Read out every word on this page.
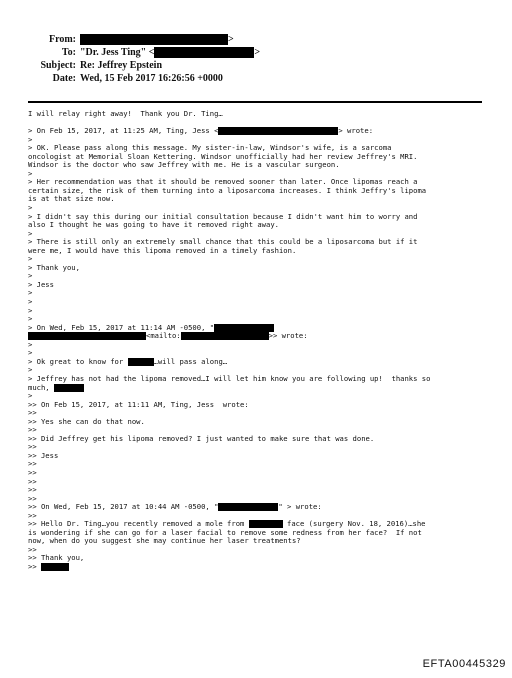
From:	>
To: "Dr. Jess Ting" <	>
Subject: Re: Jeffrey Epstein
Date: Wed, 15 Feb 2017 16:26:56 +0000
I will relay right away!  Thank you Dr. Ting…
> On Feb 15, 2017, at 11:25 AM, Ting, Jess <	> wrote:
>
> OK. Please pass along this message. My sister-in-law, Windsor's wife, is a sarcoma
oncologist at Memorial Sloan Kettering. Windsor unofficially had her review Jeffrey's MRI.
Windsor is the doctor who saw Jeffrey with me. He is a vascular surgeon.
>
> Her recommendation was that it should be removed sooner than later. Once lipomas reach a
certain size, the risk of them turning into a liposarcoma increases. I think Jeffry's lipoma
is at that size now.
>
> I didn't say this during our initial consultation because I didn't want him to worry and
also I thought he was going to have it removed right away.
>
> There is still only an extremely small chance that this could be a liposarcoma but if it
were me, I would have this lipoma removed in a timely fashion.
>
> Thank you,
>
> Jess
>
>
>
>
> On Wed, Feb 15, 2017 at 11:14 AM -0500, "
<mailto:	>> wrote:
>
>
> Ok great to know for	…will pass along…
>
> Jeffrey has not had the lipoma removed…I will let him know you are following up!  thanks so
much,
>
>> On Feb 15, 2017, at 11:11 AM, Ting, Jess  wrote:
>>
>> Yes she can do that now.
>>
>> Did Jeffrey get his lipoma removed? I just wanted to make sure that was done.
>>
>> Jess
>>
>>
>>
>>
>>
>> On Wed, Feb 15, 2017 at 10:44 AM -0500, "	" > wrote:
>>
>> Hello Dr. Ting…you recently removed a mole from	face (surgery Nov. 18, 2016)…she
is wondering if she can go for a laser facial to remove some redness from her face?  If not
now, when do you suggest she may continue her laser treatments?
>>
>> Thank you,
>>
EFTA00445329
